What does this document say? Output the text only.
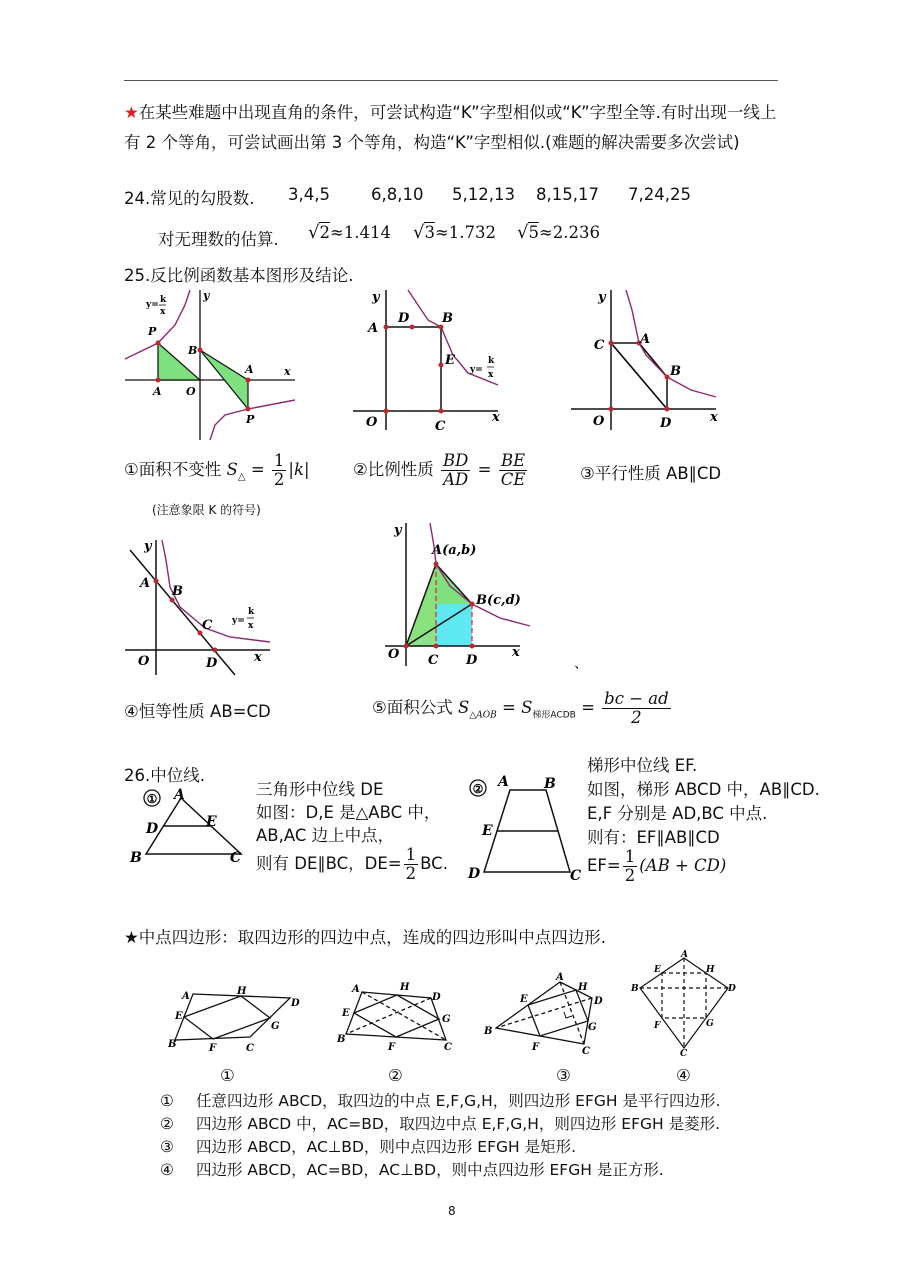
★在某些难题中出现直角的条件，可尝试构造“K”字型相似或“K”字型全等.有时出现一线上有 2 个等角，可尝试画出第 3 个等角，构造“K”字型相似.(难题的解决需要多次尝试)
24.常见的勾股数. 3,4,5 6,8,10 5,12,13 8,15,17 7,24,25
对无理数的估算. √2≈1.414 √3≈1.732 √5≈2.236
25.反比例函数基本图形及结论.
P
A
B
O
A
P
x
y
y= k
x
A
D	B
E
C
O	x
y
y=
k
x
C	A
B
D
O	x
y
①面积不变性 $S_\triangle = \frac{1}{2} |k|$
(注意象限 K 的符号)
②比例性质 $\frac{BD}{AD} = \frac{BE}{CE}$	③平行性质 AB∥CD
A
B
C
D
O	x
y
y=
k
x
A(a,b)
B(c,d)
C D
O	x
y
、
④恒等性质 AB=CD	⑤面积公式 $S_{\triangle AOB} = S_{梯形ACDB} = \frac{bc - ad}{2}$
26.中位线.
① A
D	E
B	C
三角形中位线 DE
如图：D,E 是△ABC 中，
AB,AC 边上中点，
则有 DE∥BC，$DE= \frac{1}{2}$ BC.
② A	B
E
D	C
梯形中位线 EF.
如图，梯形 ABCD 中，AB∥CD.
E,F 分别是 AD,BC 中点.
则有：EF∥AB∥CD
$EF= \frac{1}{2} (AB + CD)$
★中点四边形：取四边形的四边中点，连成的四边形叫中点四边形.
A	H
D
E
G
B	F	C
A	H
D
E
G
B
F	C
A
H
D
E
G
B
F	C
A
E	H
B	D
F	G
C
①	②	③	④
① 任意四边形 ABCD，取四边的中点 E,F,G,H，则四边形 EFGH 是平行四边形.
② 四边形 ABCD 中，AC=BD，取四边中点 E,F,G,H，则四边形 EFGH 是菱形.
③ 四边形 ABCD，AC⊥BD，则中点四边形 EFGH 是矩形.
④ 四边形 ABCD，AC=BD，AC⊥BD，则中点四边形 EFGH 是正方形.
8
